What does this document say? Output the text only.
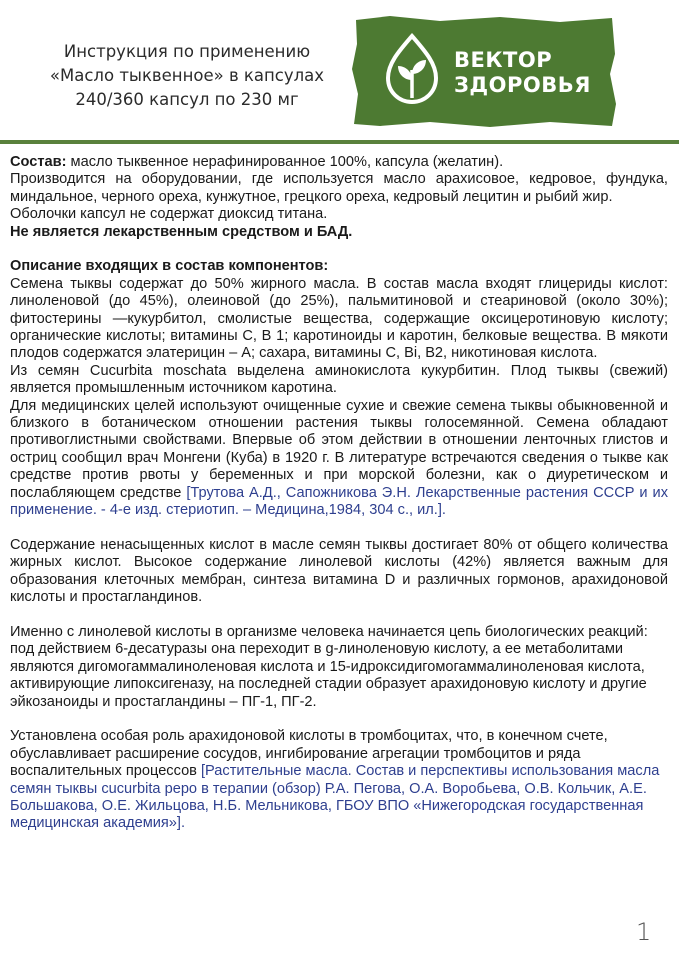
Инструкция по применению
«Масло тыквенное» в капсулах
240/360 капсул по 230 мг
ВЕКТОР
ЗДОРОВЬЯ

Состав: масло тыквенное нерафинированное 100%, капсула (желатин).

Производится на оборудовании, где используется масло арахисовое, кедровое, фундука, миндальное, черного ореха, кунжутное, грецкого ореха, кедровый лецитин и рыбий жир.

Оболочки капсул не содержат диоксид титана.

Не является лекарственным средством и БАД.

Описание входящих в состав компонентов:

Семена тыквы содержат до 50% жирного масла. В состав масла входят глицериды кислот: линоленовой (до 45%), олеиновой (до 25%), пальмитиновой и стеариновой (около 30%); фитостерины —кукурбитол, смолистые вещества, содержащие оксицеротиновую кислоту; органические кислоты; витамины С, В 1; каротиноиды и каротин, белковые вещества. В мякоти плодов содержатся элатерицин – А; сахара, витамины С, Bi, B2, никотиновая кислота.

Из семян Cucurbita moschata выделена аминокислота кукурбитин. Плод тыквы (свежий) является промышленным источником каротина.

Для медицинских целей используют очищенные сухие и свежие семена тыквы обыкновенной и близкого в ботаническом отношении растения тыквы голосемянной. Семена обладают противоглистными свойствами. Впервые об этом действии в отношении ленточных глистов и остриц сообщил врач Монгени (Куба) в 1920 г. В литературе встречаются сведения о тыкве как средстве против рвоты у беременных и при морской болезни, как о диуретическом и послабляющем средстве [Трутова А.Д., Сапожникова Э.Н. Лекарственные растения СССР и их применение. - 4-е изд. стериотип. – Медицина,1984, 304 с., ил.].

Содержание ненасыщенных кислот в масле семян тыквы достигает 80% от общего количества жирных кислот. Высокое содержание линолевой кислоты (42%) является важным для образования клеточных мембран, синтеза витамина D и различных гормонов, арахидоновой кислоты и простагландинов.

Именно с линолевой кислоты в организме человека начинается цепь биологических реакций: под действием 6-десатуразы она переходит в g-линоленовую кислоту, а ее метаболитами являются дигомогаммалиноленовая кислота и 15-идроксидигомогаммалиноленовая кислота, активирующие липоксигеназу, на последней стадии образует арахидоновую кислоту и другие эйкозаноиды и простагландины – ПГ-1, ПГ-2.

Установлена особая роль арахидоновой кислоты в тромбоцитах, что, в конечном счете, обуславливает расширение сосудов, ингибирование агрегации тромбоцитов и ряда воспалительных процессов [Растительные масла. Состав и перспективы использования масла семян тыквы cucurbita pepo в терапии (обзор) Р.А. Пегова, О.А. Воробьева, О.В. Кольчик, А.Е. Большакова, О.Е. Жильцова, Н.Б. Мельникова, ГБОУ ВПО «Нижегородская государственная медицинская академия»].

1
